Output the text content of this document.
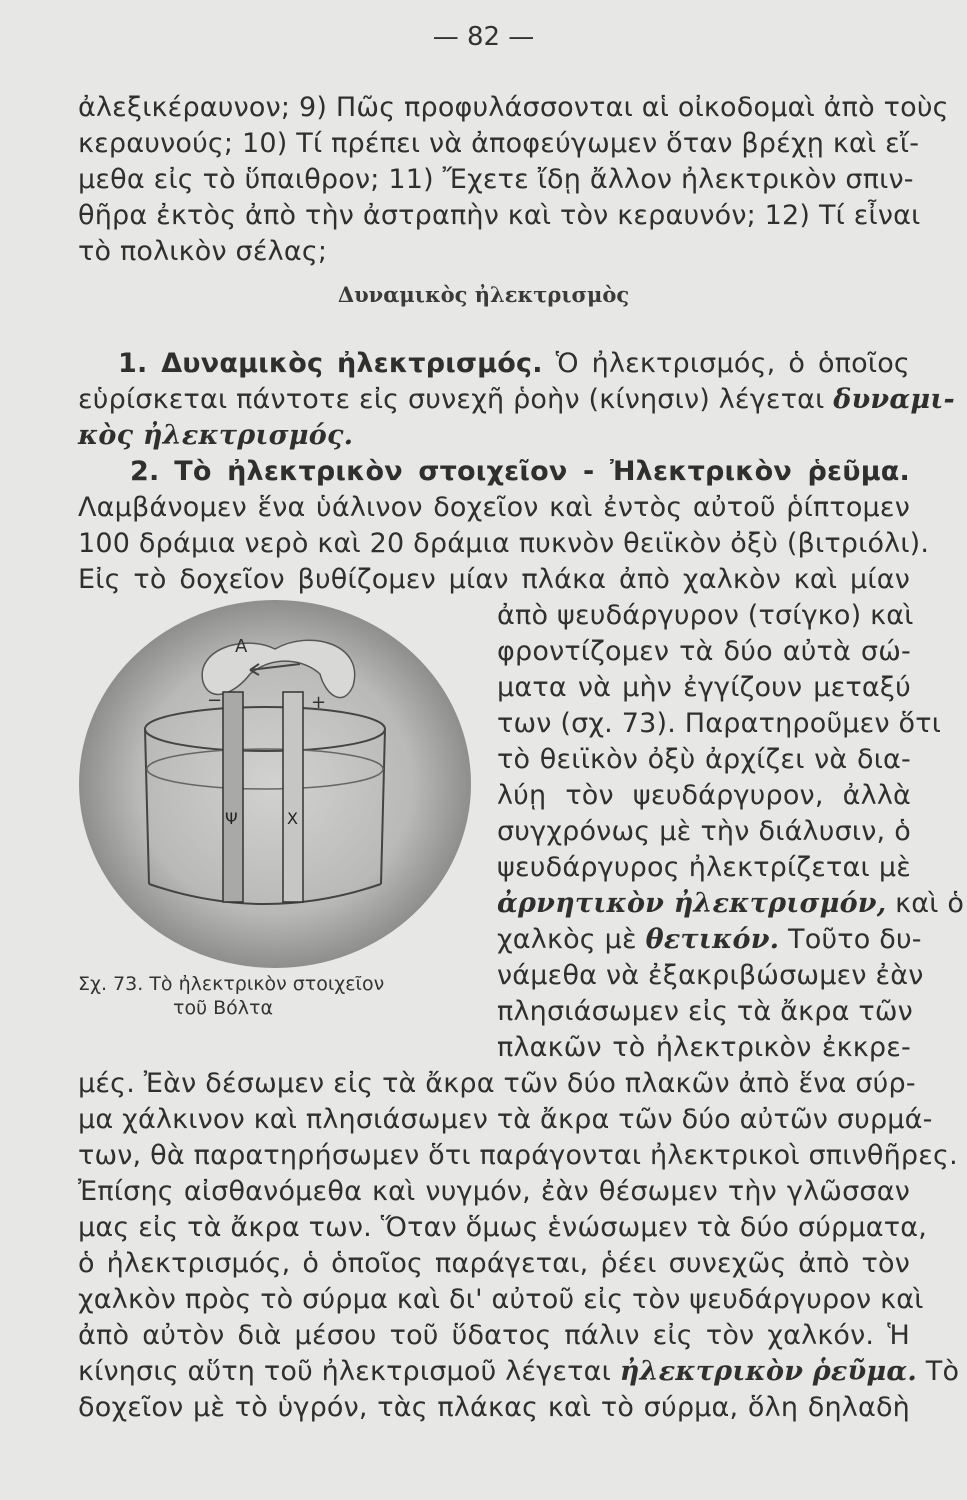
— 82 —
ἀλεξικέραυνον; 9) Πῶς προφυλάσσονται αἱ οἰκοδομαὶ ἀπὸ τοὺς
κεραυνούς; 10) Τί πρέπει νὰ ἀποφεύγωμεν ὅταν βρέχῃ καὶ εἴ-
μεθα εἰς τὸ ὕπαιθρον; 11) Ἔχετε ἴδῃ ἄλλον ἠλεκτρικὸν σπιν-
θῆρα ἐκτὸς ἀπὸ τὴν ἀστραπὴν καὶ τὸν κεραυνόν; 12) Τί εἶναι
τὸ πολικὸν σέλας;
Δυναμικὸς ἠλεκτρισμὸς
1. Δυναμικὸς ἠλεκτρισμός. Ὁ ἠλεκτρισμός, ὁ ὁποῖος
εὑρίσκεται πάντοτε εἰς συνεχῆ ῥοὴν (κίνησιν) λέγεται δυναμι-
κὸς ἠλεκτρισμός.
2. Τὸ ἠλεκτρικὸν στοιχεῖον - Ἠλεκτρικὸν ῥεῦμα.
Λαμβάνομεν ἕνα ὑάλινον δοχεῖον καὶ ἐντὸς αὐτοῦ ῥίπτομεν
100 δράμια νερὸ καὶ 20 δράμια πυκνὸν θειϊκὸν ὀξὺ (βιτριόλι).
Εἰς τὸ δοχεῖον βυθίζομεν μίαν πλάκα ἀπὸ χαλκὸν καὶ μίαν
ἀπὸ ψευδάργυρον (τσίγκο) καὶ
φροντίζομεν τὰ δύο αὐτὰ σώ-
ματα νὰ μὴν ἐγγίζουν μεταξύ
των (σχ. 73). Παρατηροῦμεν ὅτι
τὸ θειϊκὸν ὀξὺ ἀρχίζει νὰ δια-
λύῃ τὸν ψευδάργυρον, ἀλλὰ
συγχρόνως μὲ τὴν διάλυσιν, ὁ
ψευδάργυρος ἠλεκτρίζεται μὲ
ἀρνητικὸν ἠλεκτρισμόν, καὶ ὁ
χαλκὸς μὲ θετικόν. Τοῦτο δυ-
νάμεθα νὰ ἐξακριβώσωμεν ἐὰν
πλησιάσωμεν εἰς τὰ ἄκρα τῶν
πλακῶν τὸ ἠλεκτρικὸν ἐκκρε-
Α
+
−
Ψ	Χ
Σχ. 73. Τὸ ἠλεκτρικὸν στοιχεῖον
τοῦ Βόλτα
μές. Ἐὰν δέσωμεν εἰς τὰ ἄκρα τῶν δύο πλακῶν ἀπὸ ἕνα σύρ-
μα χάλκινον καὶ πλησιάσωμεν τὰ ἄκρα τῶν δύο αὐτῶν συρμά-
των, θὰ παρατηρήσωμεν ὅτι παράγονται ἠλεκτρικοὶ σπινθῆρες.
Ἐπίσης αἰσθανόμεθα καὶ νυγμόν, ἐὰν θέσωμεν τὴν γλῶσσαν
μας εἰς τὰ ἄκρα των. Ὅταν ὅμως ἑνώσωμεν τὰ δύο σύρματα,
ὁ ἠλεκτρισμός, ὁ ὁποῖος παράγεται, ῥέει συνεχῶς ἀπὸ τὸν
χαλκὸν πρὸς τὸ σύρμα καὶ δι' αὐτοῦ εἰς τὸν ψευδάργυρον καὶ
ἀπὸ αὐτὸν διὰ μέσου τοῦ ὕδατος πάλιν εἰς τὸν χαλκόν. Ἡ
κίνησις αὕτη τοῦ ἠλεκτρισμοῦ λέγεται ἠλεκτρικὸν ῥεῦμα. Τὸ
δοχεῖον μὲ τὸ ὑγρόν, τὰς πλάκας καὶ τὸ σύρμα, ὅλη δηλαδὴ
